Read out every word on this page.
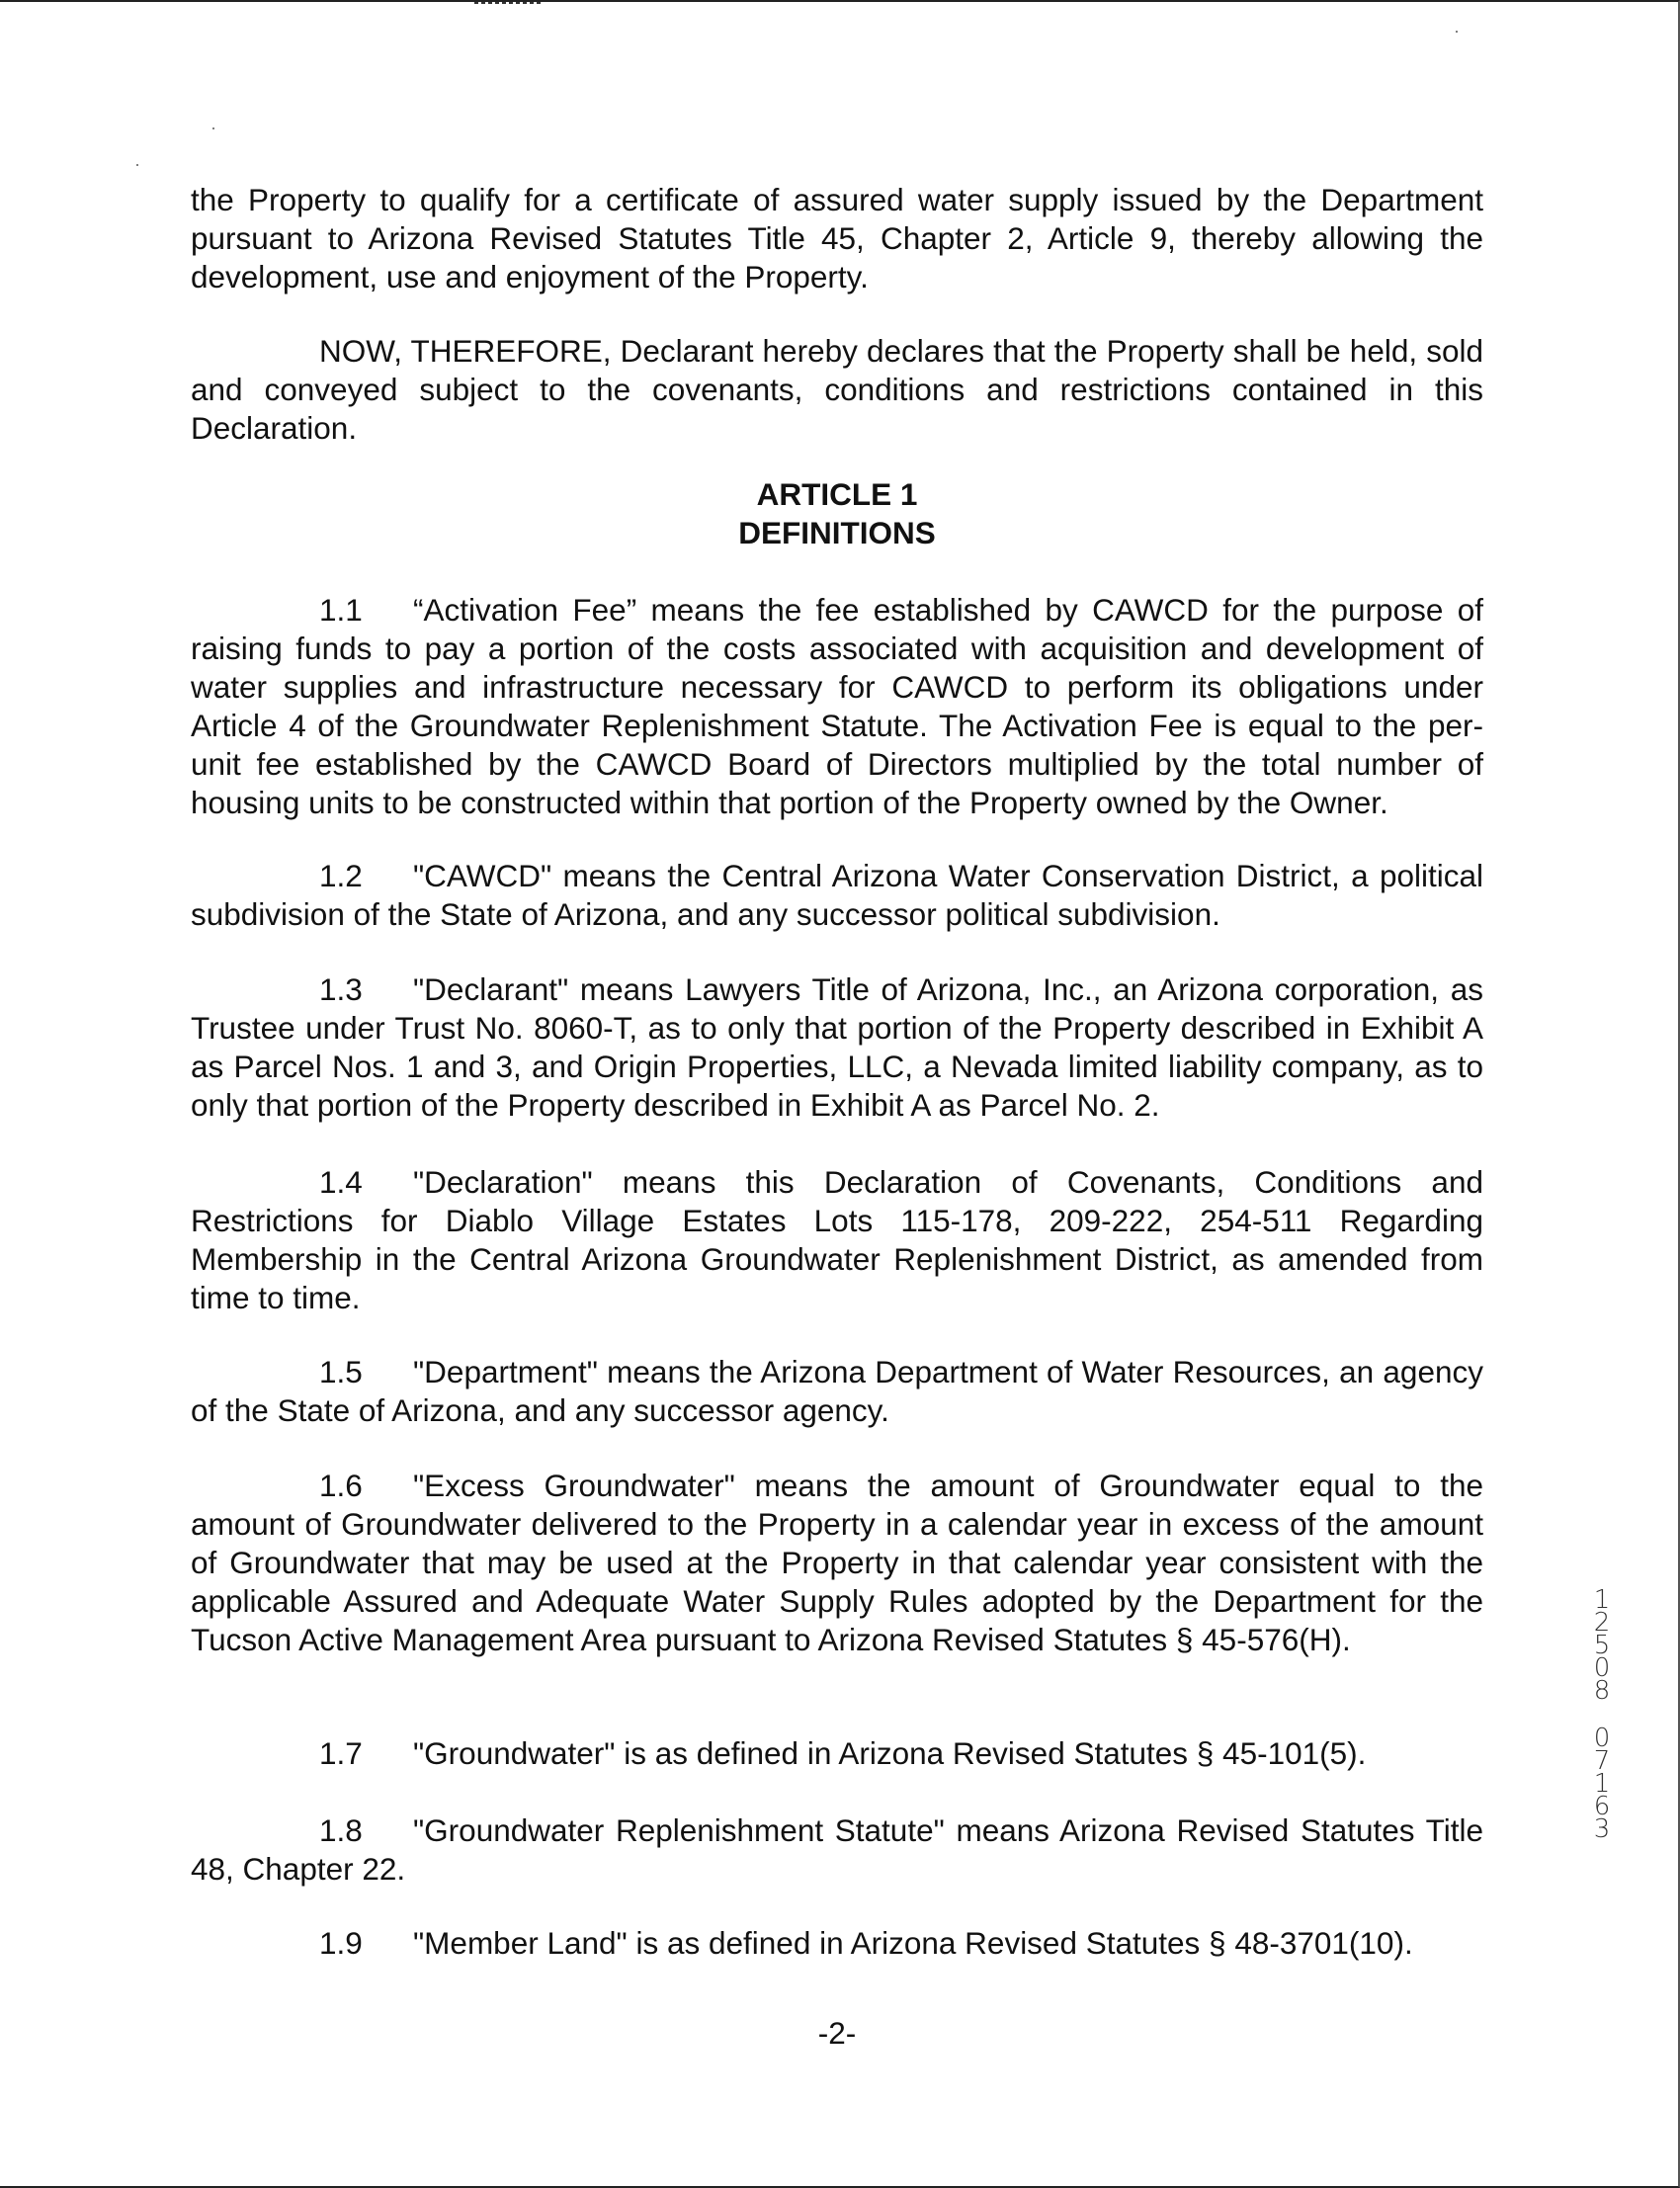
the Property to qualify for a certificate of assured water supply issued by the Department pursuant to Arizona Revised Statutes Title 45, Chapter 2, Article 9, thereby allowing the development, use and enjoyment of the Property.
NOW, THEREFORE, Declarant hereby declares that the Property shall be held, sold and conveyed subject to the covenants, conditions and restrictions contained in this Declaration.
ARTICLE 1
DEFINITIONS
1.1 “Activation Fee” means the fee established by CAWCD for the purpose of raising funds to pay a portion of the costs associated with acquisition and development of water supplies and infrastructure necessary for CAWCD to perform its obligations under Article 4 of the Groundwater Replenishment Statute. The Activation Fee is equal to the per-unit fee established by the CAWCD Board of Directors multiplied by the total number of housing units to be constructed within that portion of the Property owned by the Owner.
1.2 "CAWCD" means the Central Arizona Water Conservation District, a political subdivision of the State of Arizona, and any successor political subdivision.
1.3 "Declarant" means Lawyers Title of Arizona, Inc., an Arizona corporation, as Trustee under Trust No. 8060-T, as to only that portion of the Property described in Exhibit A as Parcel Nos. 1 and 3, and Origin Properties, LLC, a Nevada limited liability company, as to only that portion of the Property described in Exhibit A as Parcel No. 2.
1.4 "Declaration" means this Declaration of Covenants, Conditions and Restrictions for Diablo Village Estates Lots 115-178, 209-222, 254-511 Regarding Membership in the Central Arizona Groundwater Replenishment District, as amended from time to time.
1.5 "Department" means the Arizona Department of Water Resources, an agency of the State of Arizona, and any successor agency.
1.6 "Excess Groundwater" means the amount of Groundwater equal to the amount of Groundwater delivered to the Property in a calendar year in excess of the amount of Groundwater that may be used at the Property in that calendar year consistent with the applicable Assured and Adequate Water Supply Rules adopted by the Department for the Tucson Active Management Area pursuant to Arizona Revised Statutes § 45-576(H).
1.7 "Groundwater" is as defined in Arizona Revised Statutes § 45-101(5).
1.8 "Groundwater Replenishment Statute" means Arizona Revised Statutes Title 48, Chapter 22.
1.9 "Member Land" is as defined in Arizona Revised Statutes § 48-3701(10).
-2-
1
2
5
0
8
0
7
1
6
3
